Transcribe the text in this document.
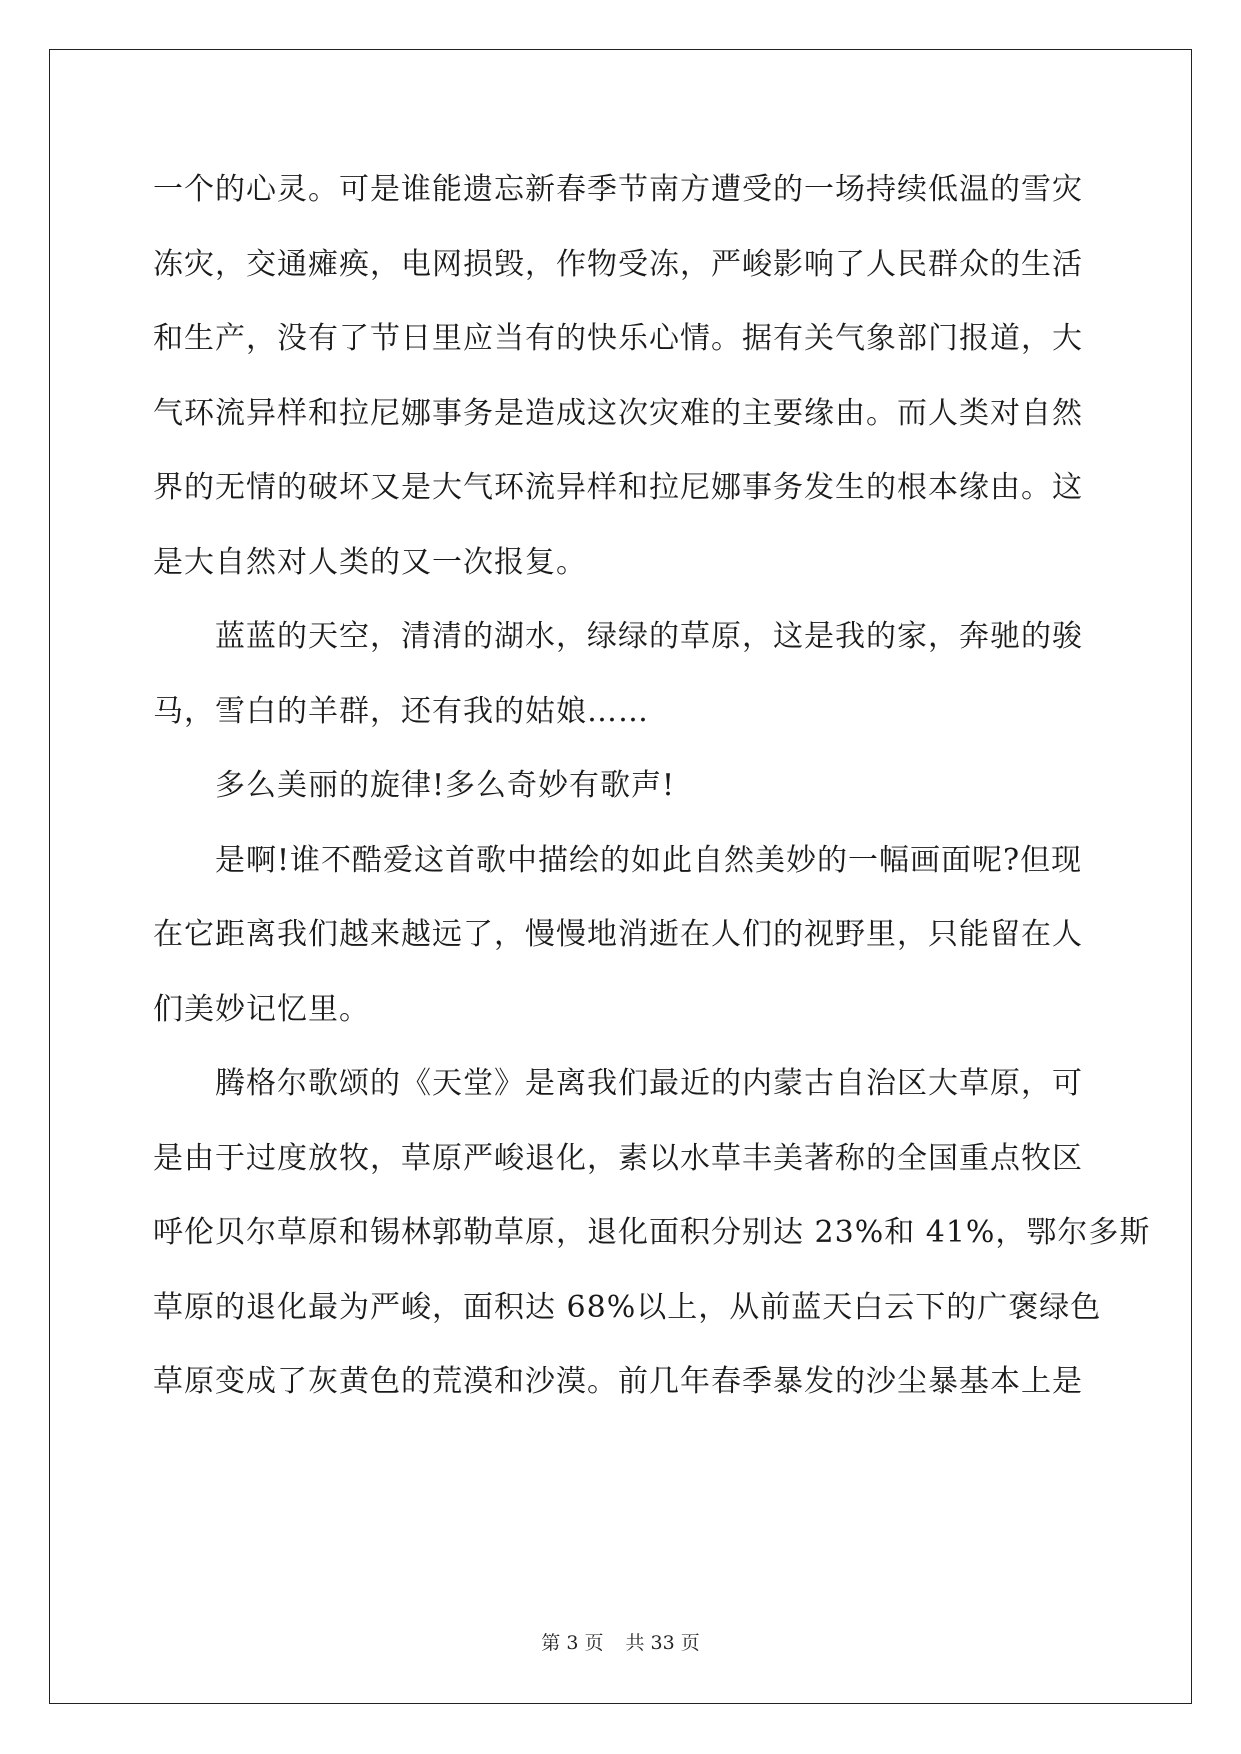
一个的心灵。可是谁能遗忘新春季节南方遭受的一场持续低温的雪灾
冻灾，交通瘫痪，电网损毁，作物受冻，严峻影响了人民群众的生活
和生产，没有了节日里应当有的快乐心情。据有关气象部门报道，大
气环流异样和拉尼娜事务是造成这次灾难的主要缘由。而人类对自然
界的无情的破坏又是大气环流异样和拉尼娜事务发生的根本缘由。这
是大自然对人类的又一次报复。
　　蓝蓝的天空，清清的湖水，绿绿的草原，这是我的家，奔驰的骏
马，雪白的羊群，还有我的姑娘……
　　多么美丽的旋律!多么奇妙有歌声!
　　是啊!谁不酷爱这首歌中描绘的如此自然美妙的一幅画面呢?但现
在它距离我们越来越远了，慢慢地消逝在人们的视野里，只能留在人
们美妙记忆里。
　　腾格尔歌颂的《天堂》是离我们最近的内蒙古自治区大草原，可
是由于过度放牧，草原严峻退化，素以水草丰美著称的全国重点牧区
呼伦贝尔草原和锡林郭勒草原，退化面积分别达 23%和 41%，鄂尔多斯
草原的退化最为严峻，面积达 68%以上，从前蓝天白云下的广褒绿色
草原变成了灰黄色的荒漠和沙漠。前几年春季暴发的沙尘暴基本上是
第 3 页 共 33 页
